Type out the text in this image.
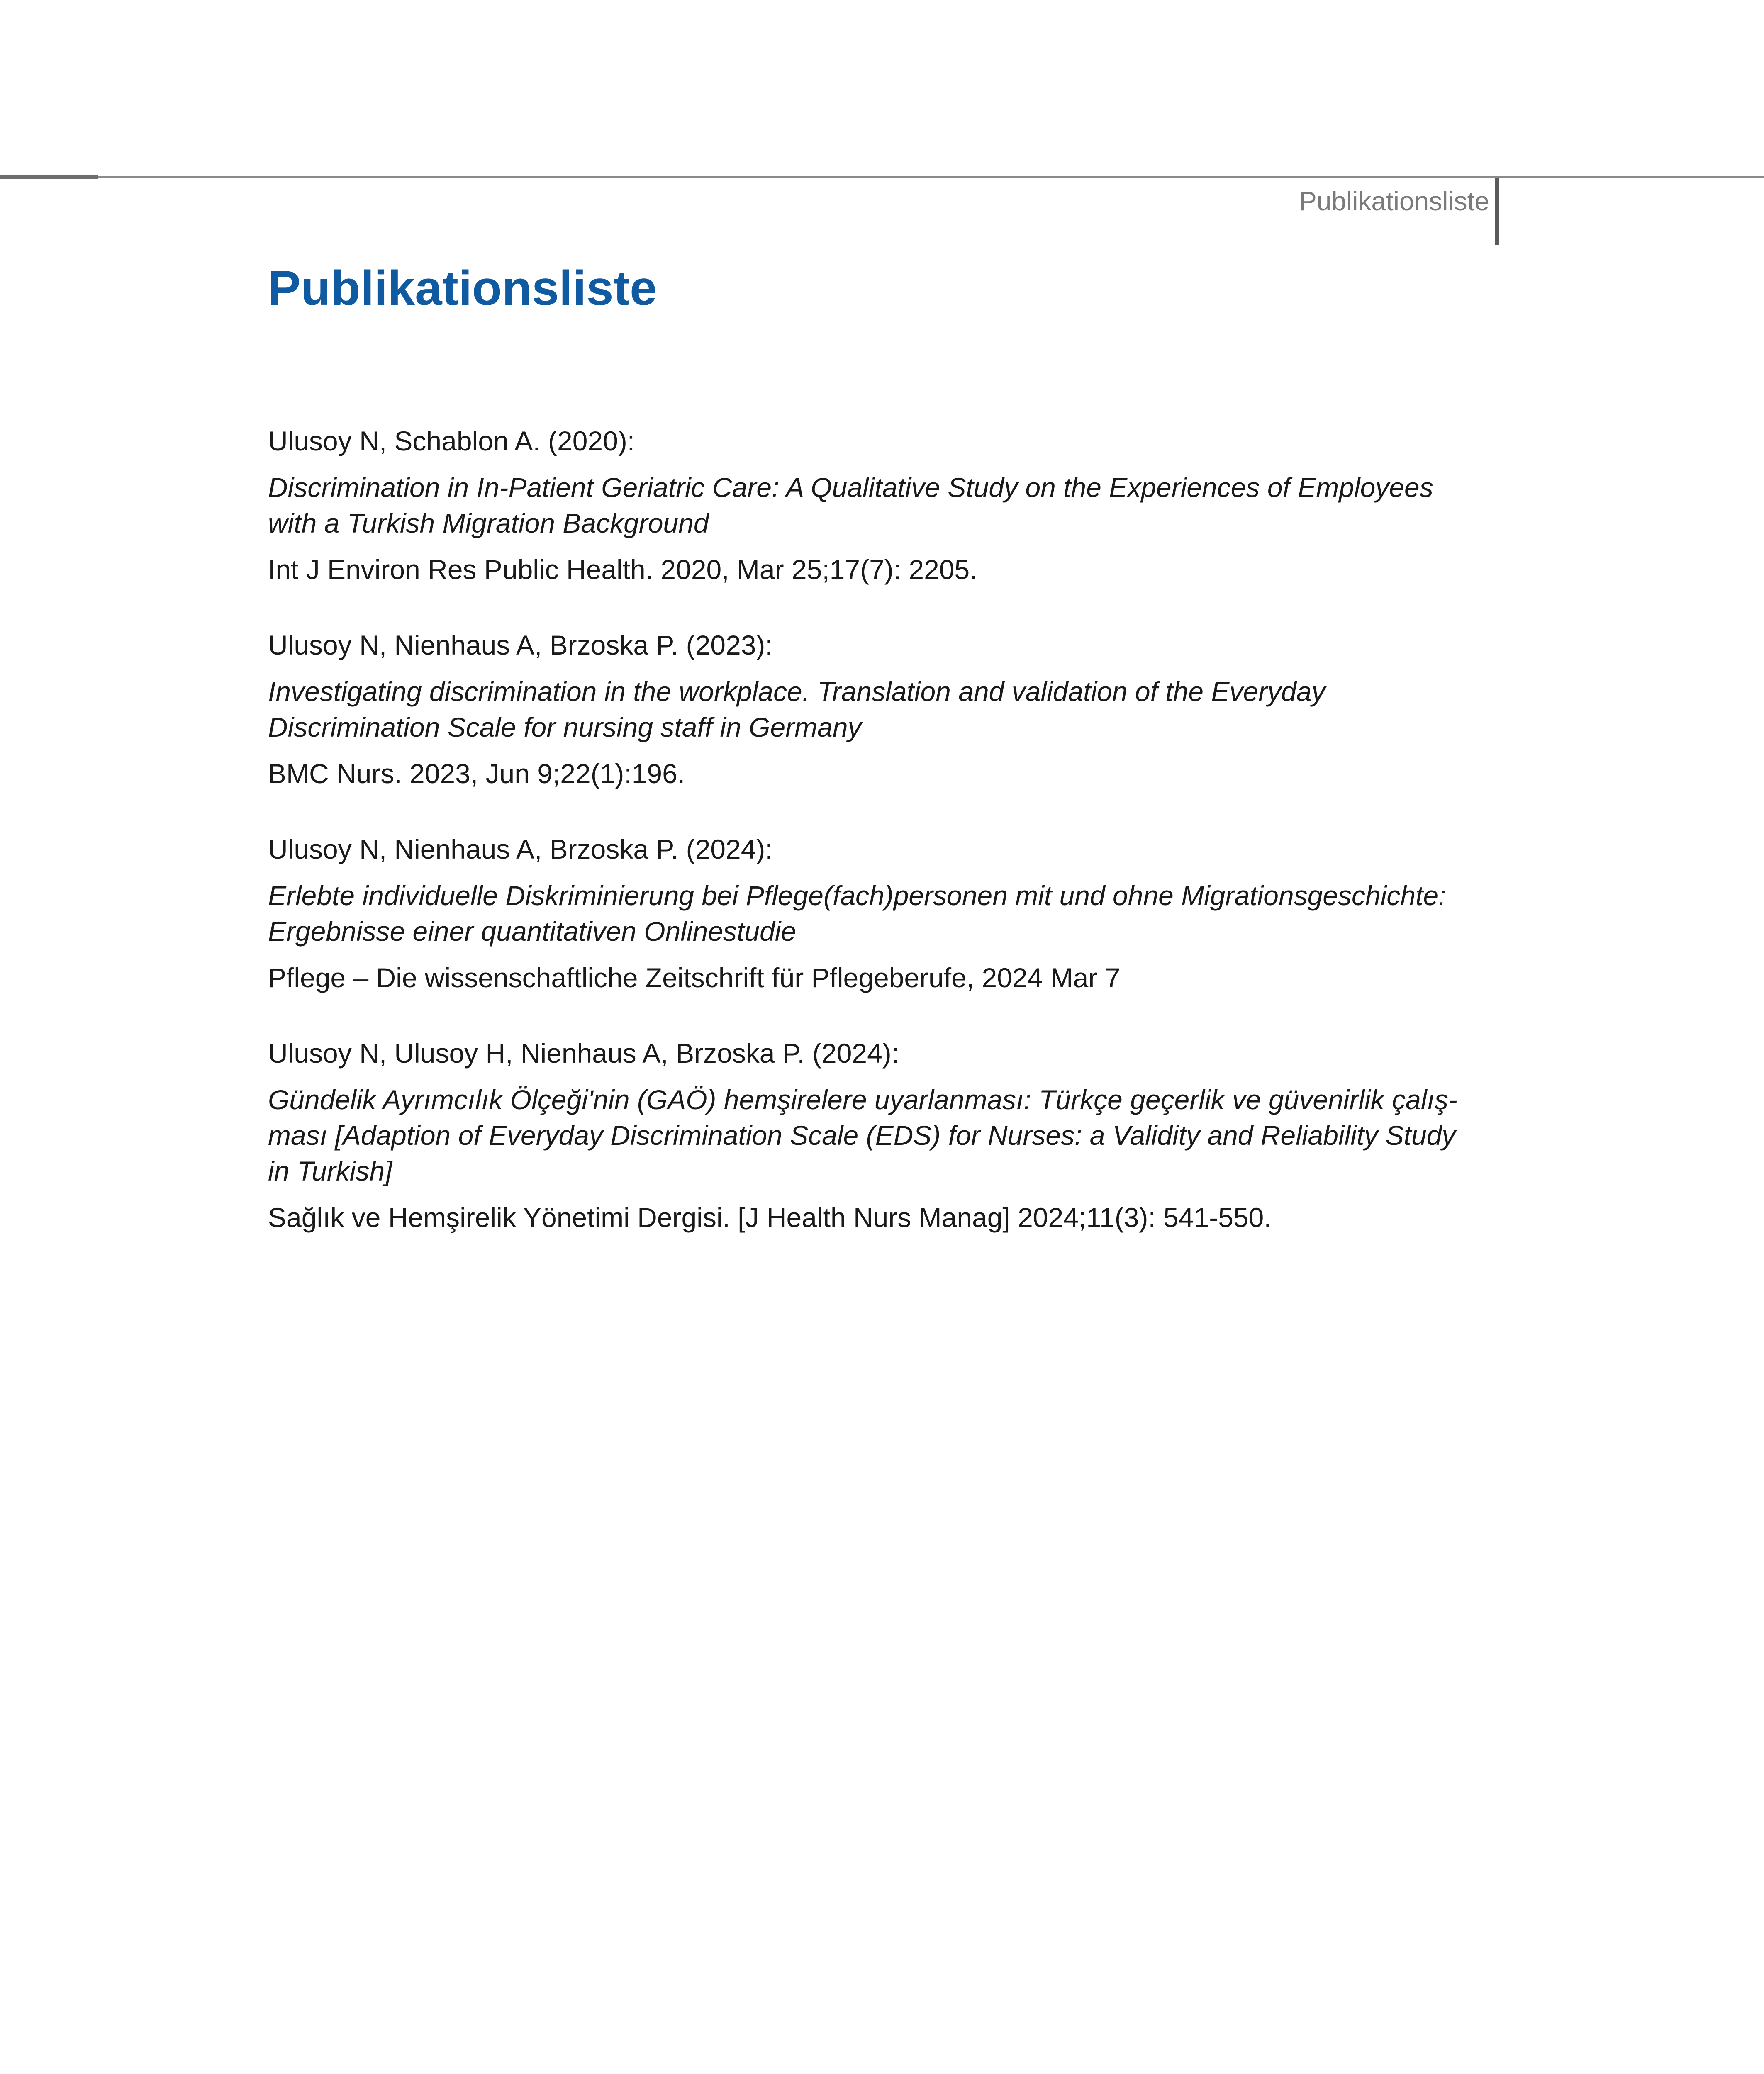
Publikationsliste
Publikationsliste

Ulusoy N, Schablon A. (2020):

Discrimination in In-Patient Geriatric Care: A Qualitative Study on the Experiences of Employees with a Turkish Migration Background

Int J Environ Res Public Health. 2020, Mar 25;17(7): 2205.

Ulusoy N, Nienhaus A, Brzoska P. (2023):

Investigating discrimination in the workplace. Translation and validation of the Everyday Discrimination Scale for nursing staff in Germany

BMC Nurs. 2023, Jun 9;22(1):196.

Ulusoy N, Nienhaus A, Brzoska P. (2024):

Erlebte individuelle Diskriminierung bei Pflege(fach)personen mit und ohne Migrationsgeschichte: Ergebnisse einer quantitativen Onlinestudie

Pflege – Die wissenschaftliche Zeitschrift für Pflegeberufe, 2024 Mar 7

Ulusoy N, Ulusoy H, Nienhaus A, Brzoska P. (2024):

Gündelik Ayrımcılık Ölçeği'nin (GAÖ) hemşirelere uyarlanması: Türkçe geçerlik ve güvenirlik çalış- ması [Adaption of Everyday Discrimination Scale (EDS) for Nurses: a Validity and Reliability Study in Turkish]

Sağlık ve Hemşirelik Yönetimi Dergisi. [J Health Nurs Manag] 2024;11(3): 541-550.
